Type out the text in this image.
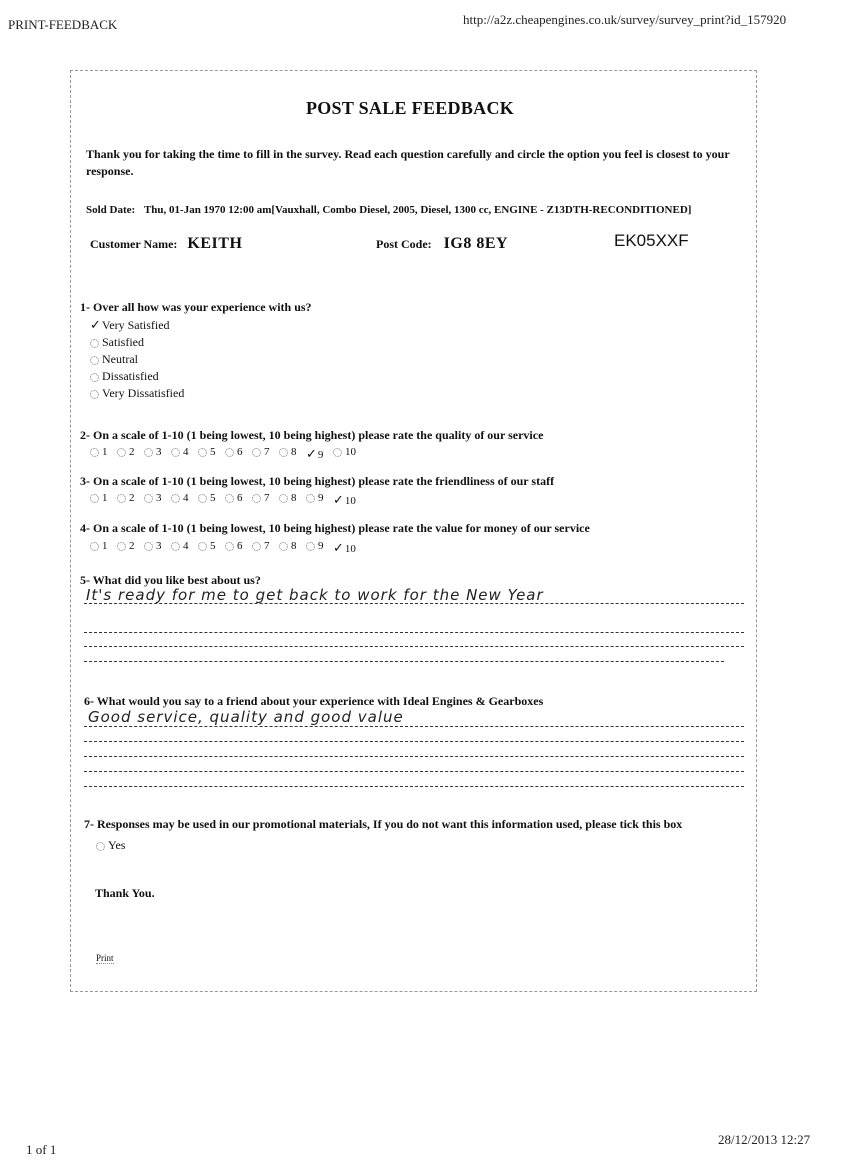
PRINT-FEEDBACK	http://a2z.cheapengines.co.uk/survey/survey_print?id_157920
POST SALE FEEDBACK
Thank you for taking the time to fill in the survey. Read each question carefully and circle the option you feel is closest to your response.
Sold Date: Thu, 01-Jan 1970 12:00 am[Vauxhall, Combo Diesel, 2005, Diesel, 1300 cc, ENGINE - Z13DTH-RECONDITIONED]
Customer Name: KEITH	Post Code: IG8 8EY	EK05XXF
1- Over all how was your experience with us?
✓Very Satisfied
Satisfied
Neutral
Dissatisfied
Very Dissatisfied
2- On a scale of 1-10 (1 being lowest, 10 being highest) please rate the quality of our service
1	2	3	4	5	6	7	8 ✓9	10
3- On a scale of 1-10 (1 being lowest, 10 being highest) please rate the friendliness of our staff
1	2	3	4	5	6	7	8	9 ✓10
4- On a scale of 1-10 (1 being lowest, 10 being highest) please rate the value for money of our service
1	2	3	4	5	6	7	8	9 ✓10
5- What did you like best about us?
It's ready for me to get back to work for the New Year
6- What would you say to a friend about your experience with Ideal Engines & Gearboxes
Good service, quality and good value
7- Responses may be used in our promotional materials, If you do not want this information used, please tick this box
Yes
Thank You.
Print
1 of 1
28/12/2013 12:27
